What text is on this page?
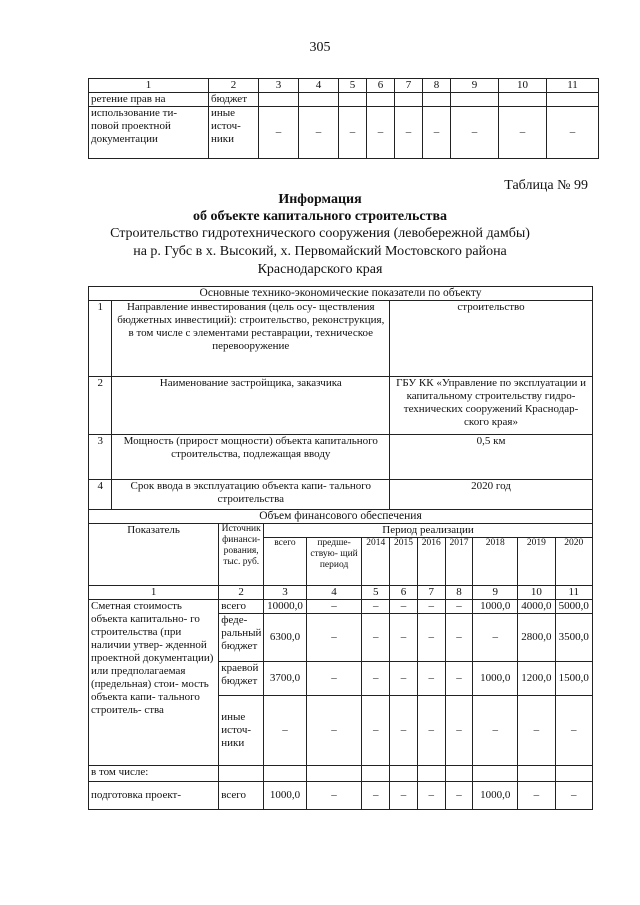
305
1	2	3	4	5	6	7	8	9	10	11
ретение прав на	бюджет									
использование ти- повой проектной документации	иные источ- ники	–	–	–	–	–	–	–	–	–
Таблица № 99
Информация
об объекте капитального строительства
Строительство гидротехнического сооружения (левобережной дамбы)
на р. Губс в х. Высокий, х. Первомайский Мостовского района
Краснодарского края
Основные технико-экономические показатели по объекту											
1	Направление инвестирования (цель осу- ществления бюджетных инвестиций): строительство, реконструкция, в том числе с элементами реставрации, техническое перевооружение					строительство					
2	Наименование застройщика, заказчика					ГБУ КК «Управление по эксплуатации и капитальному строительству гидро- технических сооружений Краснодар- ского края»					
3	Мощность (прирост мощности) объекта капитального строительства, подлежащая вводу					0,5 км					
4	Срок ввода в эксплуатацию объекта капи- тального строительства					2020 год					
Объем финансового обеспечения											
Показатель		Источник финанси- рования, тыс. руб.	Период реализации								
			всего	предше- ствую- щий период	2014	2015	2016	2017	2018	2019	2020
1		2	3	4	5	6	7	8	9	10	11
Сметная стоимость объекта капитально- го строительства (при наличии утвер- жденной проектной документации) или предполагаемая (предельная) стои- мость объекта капи- тального строитель- ства		всего	10000,0	–	–	–	–	–	1000,0	4000,0	5000,0
		феде- ральный бюджет	6300,0	–	–	–	–	–	–	2800,0	3500,0
		краевой бюджет	3700,0	–	–	–	–	–	1000,0	1200,0	1500,0
		иные источ- ники	–	–	–	–	–	–	–	–	–
в том числе:											
подготовка проект-		всего	1000,0	–	–	–	–	–	1000,0	–	–
